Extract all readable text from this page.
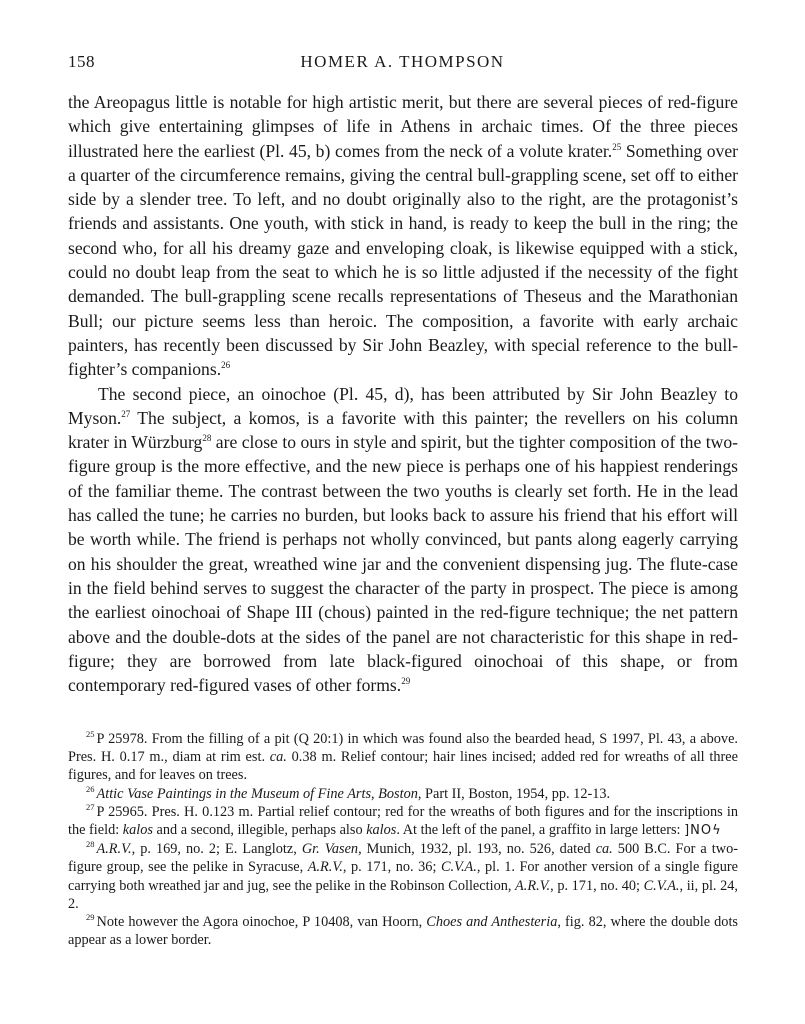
158	HOMER A. THOMPSON

the Areopagus little is notable for high artistic merit, but there are several pieces of red-figure which give entertaining glimpses of life in Athens in archaic times. Of the three pieces illustrated here the earliest (Pl. 45, b) comes from the neck of a volute krater.$^{25}$ Something over a quarter of the circumference remains, giving the central bull-grappling scene, set off to either side by a slender tree. To left, and no doubt originally also to the right, are the protagonist’s friends and assistants. One youth, with stick in hand, is ready to keep the bull in the ring; the second who, for all his dreamy gaze and enveloping cloak, is likewise equipped with a stick, could no doubt leap from the seat to which he is so little adjusted if the necessity of the fight demanded. The bull-grappling scene recalls representations of Theseus and the Marathonian Bull; our picture seems less than heroic. The composition, a favorite with early archaic painters, has recently been discussed by Sir John Beazley, with special reference to the bull-fighter’s companions.$^{26}$

The second piece, an oinochoe (Pl. 45, d), has been attributed by Sir John Beazley to Myson.$^{27}$ The subject, a komos, is a favorite with this painter; the revellers on his column krater in Würzburg$^{28}$ are close to ours in style and spirit, but the tighter composition of the two-figure group is the more effective, and the new piece is perhaps one of his happiest renderings of the familiar theme. The contrast between the two youths is clearly set forth. He in the lead has called the tune; he carries no burden, but looks back to assure his friend that his effort will be worth while. The friend is perhaps not wholly convinced, but pants along eagerly carrying on his shoulder the great, wreathed wine jar and the convenient dispensing jug. The flute-case in the field behind serves to suggest the character of the party in prospect. The piece is among the earliest oinochoai of Shape III (chous) painted in the red-figure technique; the net pattern above and the double-dots at the sides of the panel are not characteristic for this shape in red-figure; they are borrowed from late black-figured oinochoai of this shape, or from contemporary red-figured vases of other forms.$^{29}$

$^{25}$ P 25978. From the filling of a pit (Q 20:1) in which was found also the bearded head, S 1997, Pl. 43, a above. Pres. H. 0.17 m., diam at rim est. ca. 0.38 m. Relief contour; hair lines incised; added red for wreaths of all three figures, and for leaves on trees.

$^{26}$ Attic Vase Paintings in the Museum of Fine Arts, Boston, Part II, Boston, 1954, pp. 12-13.

$^{27}$ P 25965. Pres. H. 0.123 m. Partial relief contour; red for the wreaths of both figures and for the inscriptions in the field: kalos and a second, illegible, perhaps also kalos. At the left of the panel, a graffito in large letters: ]ΝΟϟ

$^{28}$ A.R.V., p. 169, no. 2; E. Langlotz, Gr. Vasen, Munich, 1932, pl. 193, no. 526, dated ca. 500 B.C. For a two-figure group, see the pelike in Syracuse, A.R.V., p. 171, no. 36; C.V.A., pl. 1. For another version of a single figure carrying both wreathed jar and jug, see the pelike in the Robinson Collection, A.R.V., p. 171, no. 40; C.V.A., ii, pl. 24, 2.

$^{29}$ Note however the Agora oinochoe, P 10408, van Hoorn, Choes and Anthesteria, fig. 82, where the double dots appear as a lower border.
